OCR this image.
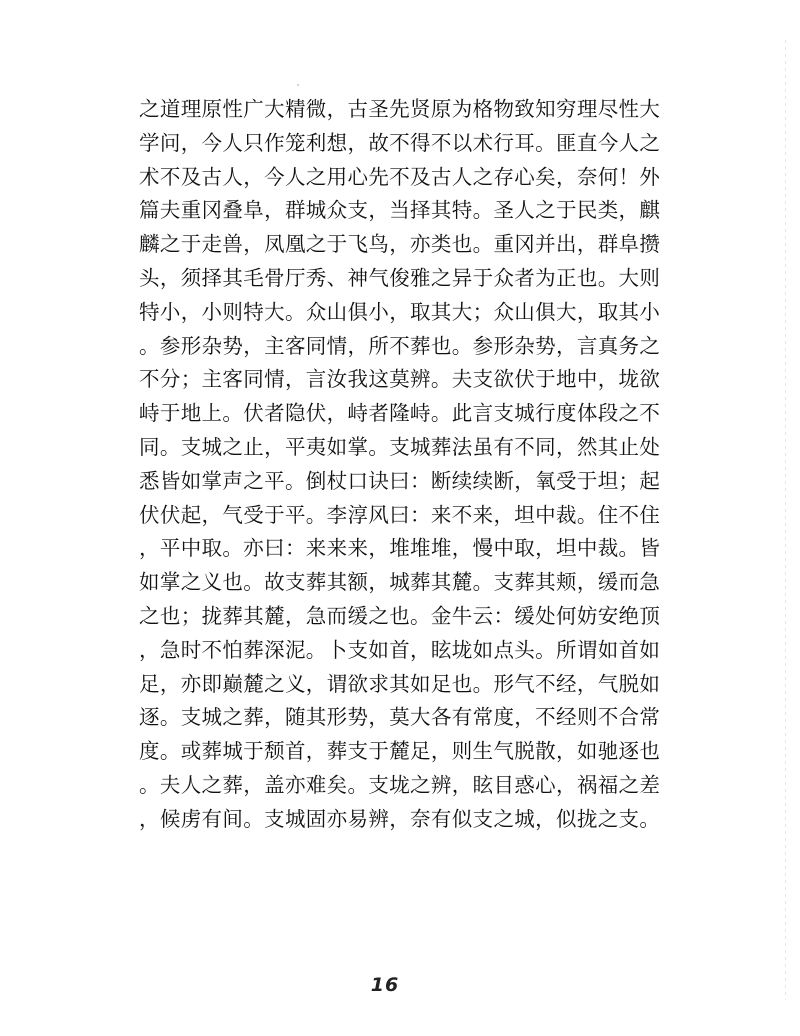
之道理原性广大精微，古圣先贤原为格物致知穷理尽性大
学问，今人只作笼利想，故不得不以术行耳。匪直今人之
术不及古人，今人之用心先不及古人之存心矣，奈何！外
篇夫重冈叠阜，群城众支，当择其特。圣人之于民类，麒
麟之于走兽，凤凰之于飞鸟，亦类也。重冈并出，群阜攒
头，须择其毛骨厅秀、神气俊雅之异于众者为正也。大则
特小，小则特大。众山俱小，取其大；众山俱大，取其小
。参形杂势，主客同情，所不葬也。参形杂势，言真务之
不分；主客同情，言汝我这莫辨。夫支欲伏于地中，垅欲
峙于地上。伏者隐伏，峙者隆峙。此言支城行度体段之不
同。支城之止，平夷如掌。支城葬法虽有不同，然其止处
悉皆如掌声之平。倒杖口诀曰：断续续断，氧受于坦；起
伏伏起，气受于平。李淳风曰：来不来，坦中裁。住不住
，平中取。亦曰：来来来，堆堆堆，慢中取，坦中裁。皆
如掌之义也。故支葬其额，城葬其麓。支葬其颊，缓而急
之也；拢葬其麓，急而缓之也。金牛云：缓处何妨安绝顶
，急时不怕葬深泥。卜支如首，眩垅如点头。所谓如首如
足，亦即巅麓之义，谓欲求其如足也。形气不经，气脱如
逐。支城之葬，随其形势，莫大各有常度，不经则不合常
度。或葬城于颓首，葬支于麓足，则生气脱散，如驰逐也
。夫人之葬，盖亦难矣。支垅之辨，眩目惑心，祸福之差
，候虏有间。支城固亦易辨，奈有似支之城，似拢之支。
16
